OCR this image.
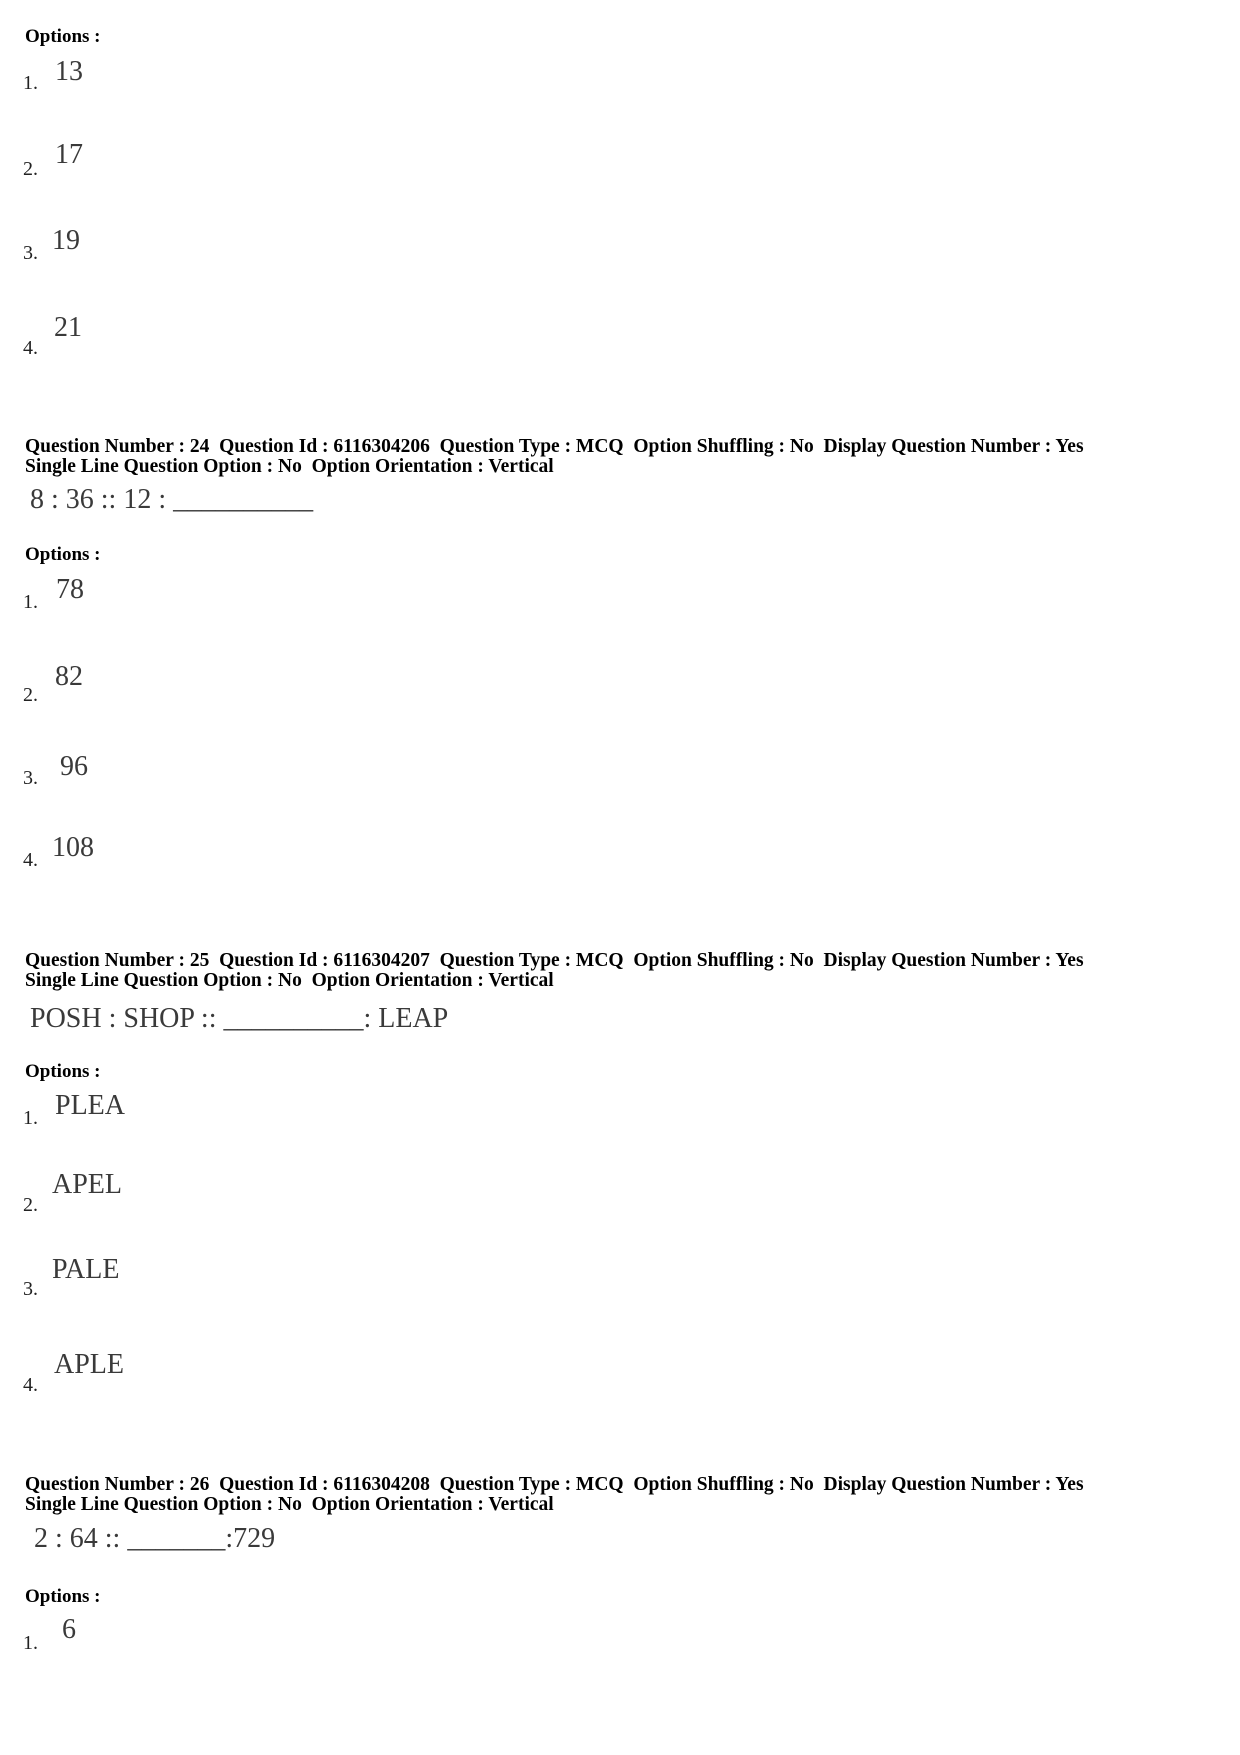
Options :
1. 13
2. 17
3. 19
4.
21
Question Number : 24  Question Id : 6116304206  Question Type : MCQ  Option Shuffling : No  Display Question Number : Yes
Single Line Question Option : No  Option Orientation : Vertical
8 : 36 :: 12 : __________
Options :
1. 78
2.
82
3. 96
4. 108
Question Number : 25  Question Id : 6116304207  Question Type : MCQ  Option Shuffling : No  Display Question Number : Yes
Single Line Question Option : No  Option Orientation : Vertical
POSH : SHOP :: __________: LEAP
Options :
1. PLEA
2.
APEL
3.
PALE
4.
APLE
Question Number : 26  Question Id : 6116304208  Question Type : MCQ  Option Shuffling : No  Display Question Number : Yes
Single Line Question Option : No  Option Orientation : Vertical
2 : 64 :: _______:729
Options :
1. 6
